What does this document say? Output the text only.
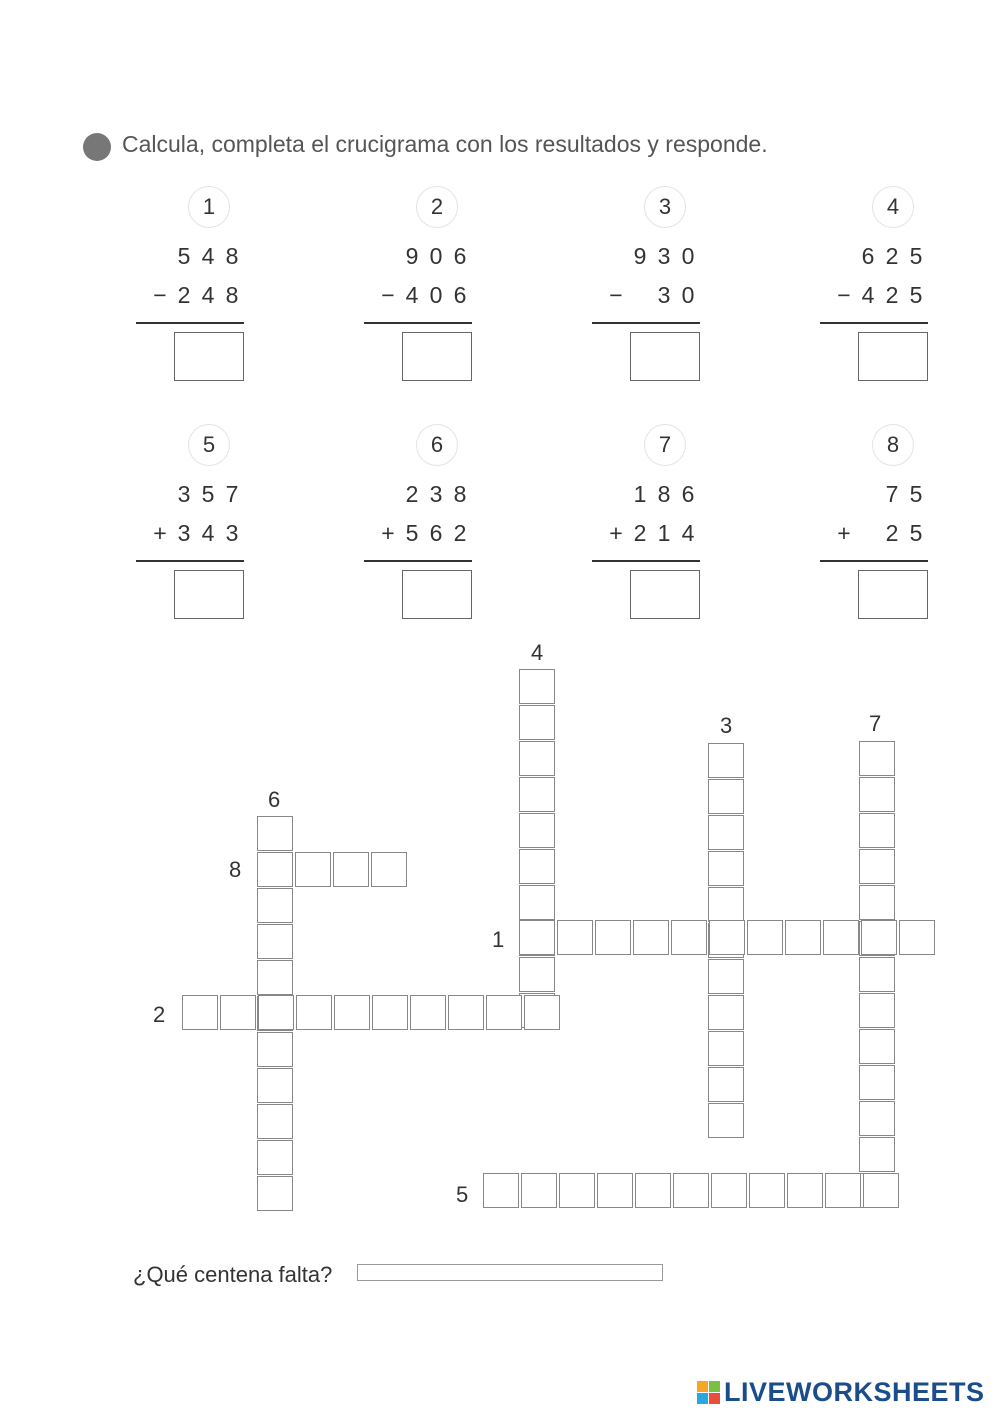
Calcula, completa el crucigrama con los resultados y responde.
1
5 4 8
− 2 4 8
2
9 0 6
− 4 0 6
3
9 3 0
− 3 0
4
6 2 5
− 4 2 5
5
3 5 7
+ 3 4 3
6
2 3 8
+ 5 6 2
7
1 8 6
+ 2 1 4
8
7 5
+ 2 5
4
3	7
6
8
1
2
5
¿Qué centena falta?
LIVEWORKSHEETS
